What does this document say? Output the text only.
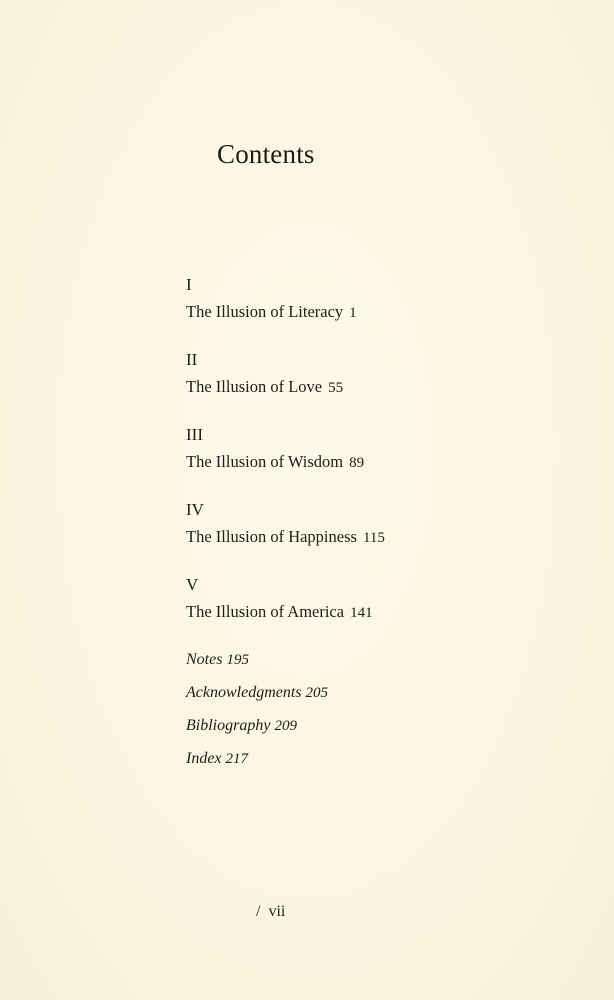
Contents
I
The Illusion of Literacy 1
II
The Illusion of Love 55
III
The Illusion of Wisdom 89
IV
The Illusion of Happiness 115
V
The Illusion of America 141
Notes 195
Acknowledgments 205
Bibliography 209
Index 217
/ vii
